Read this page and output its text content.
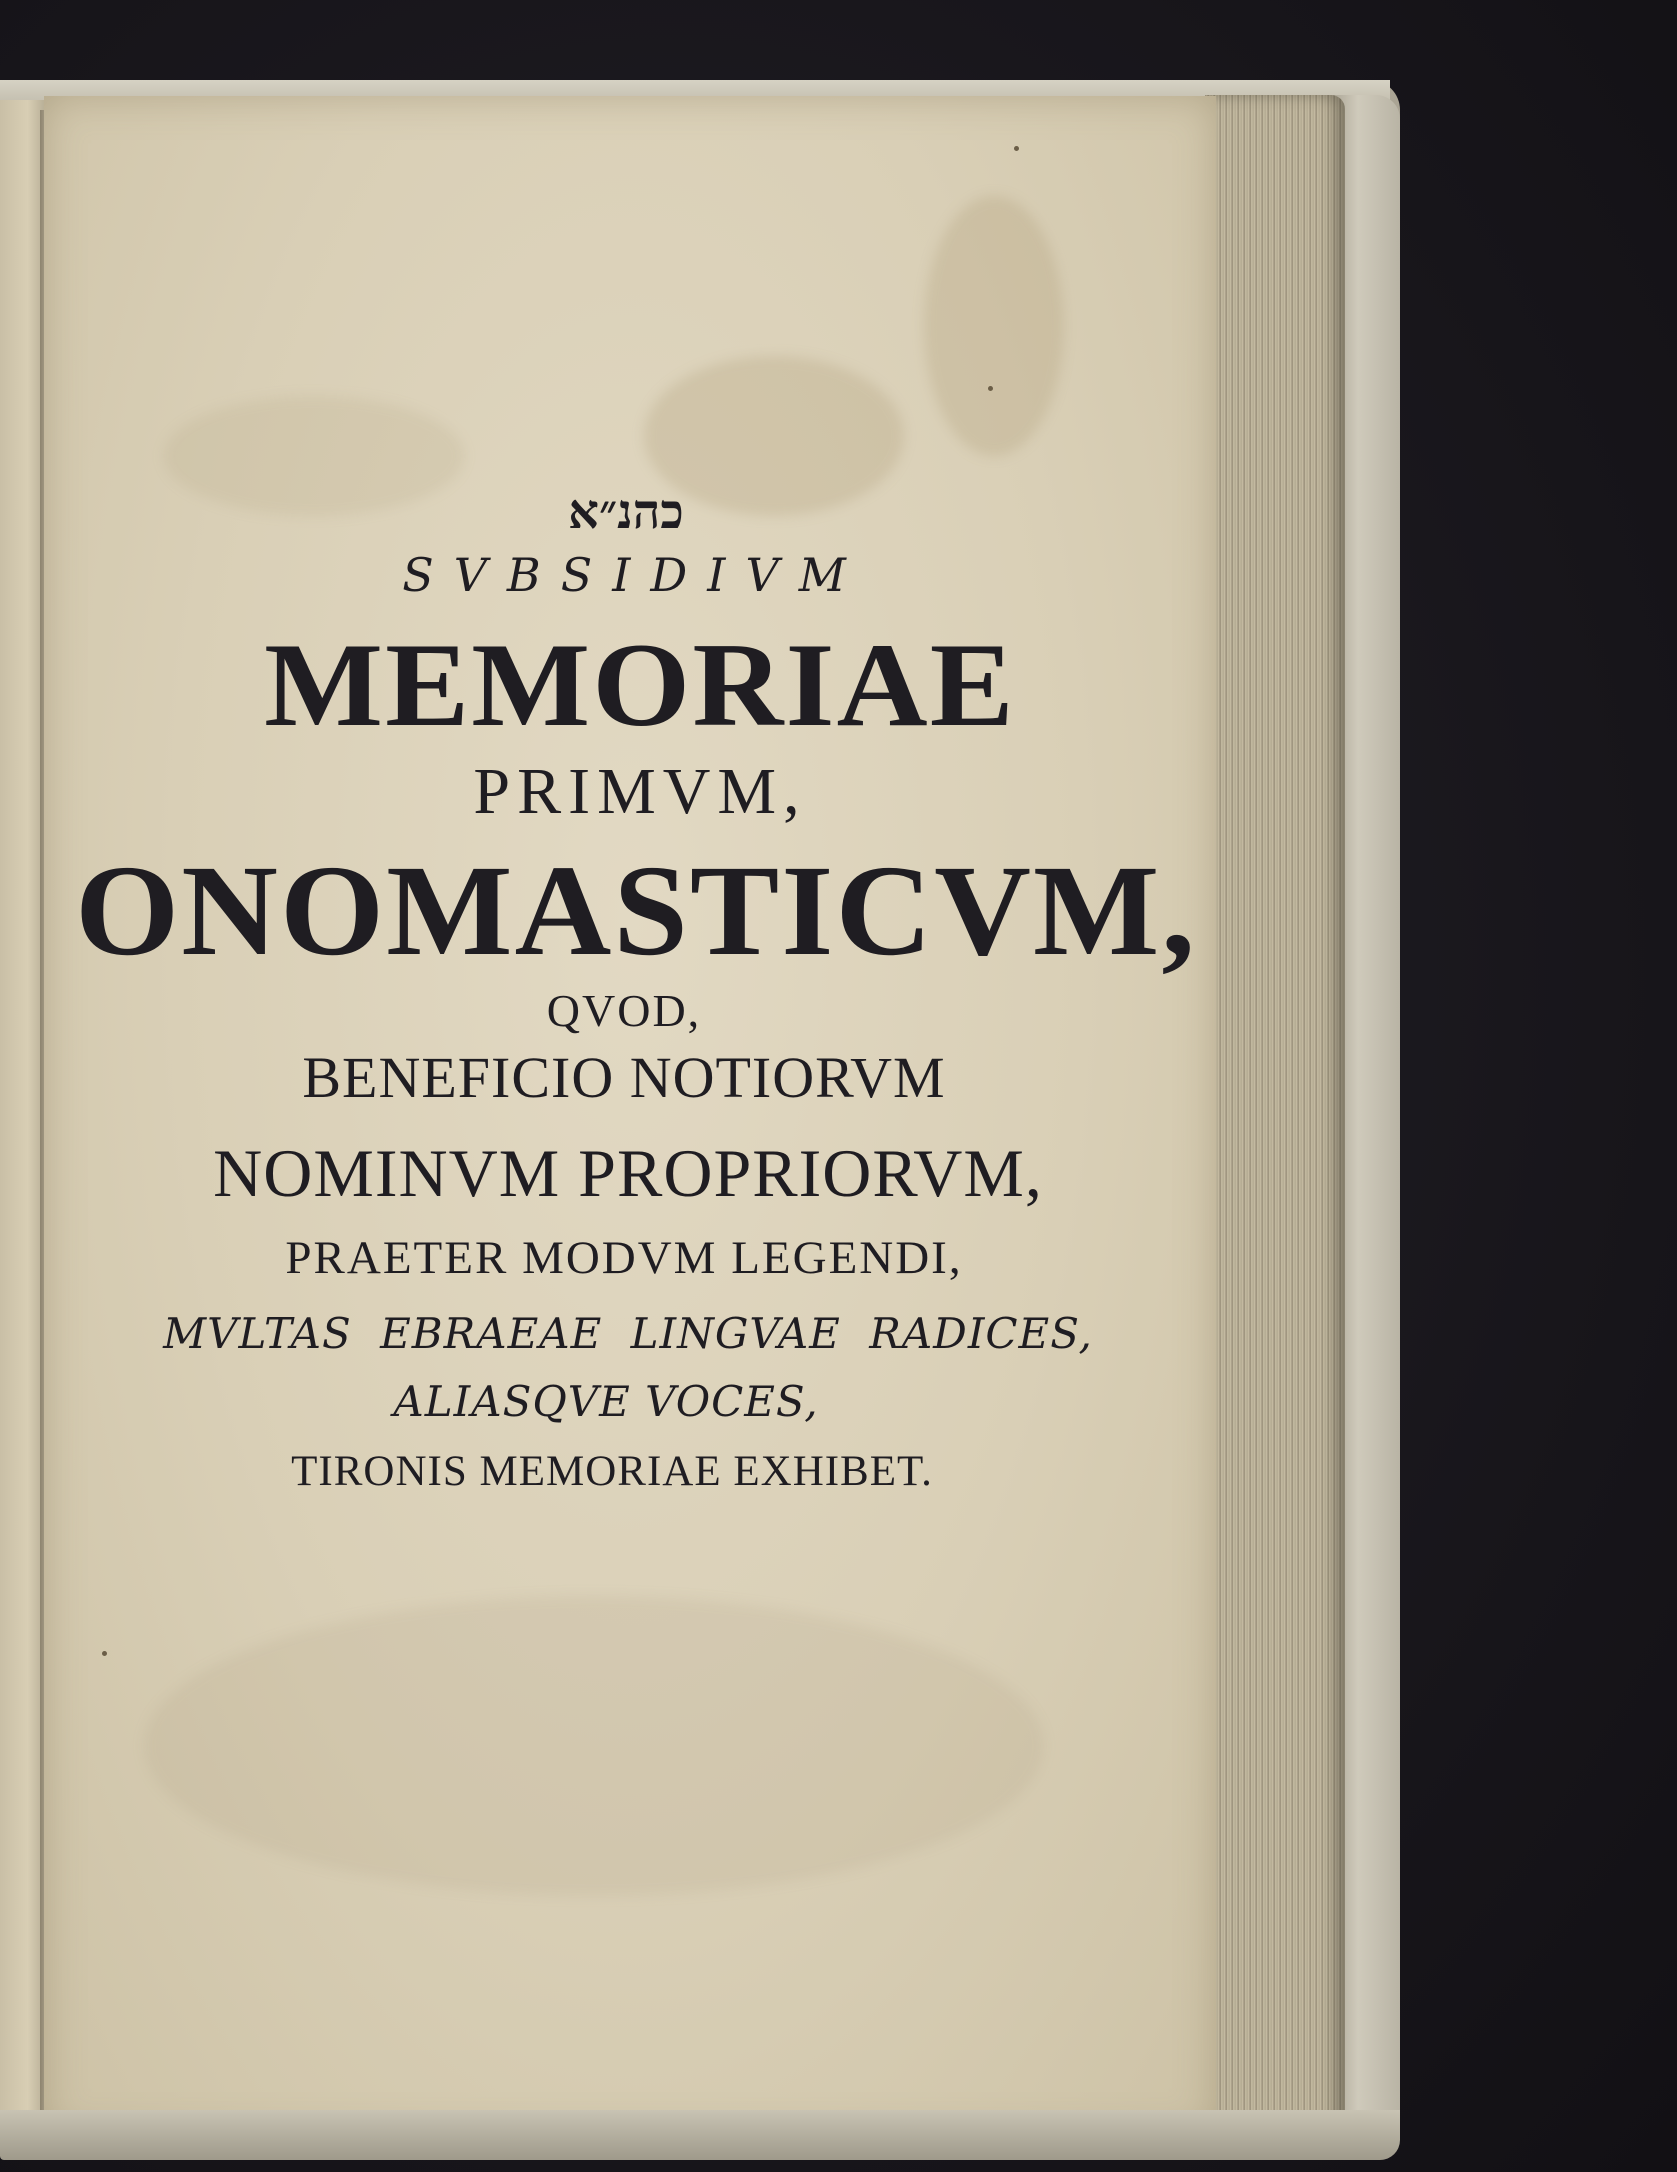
כהנ״א
SVBSIDIVM
MEMORIAE
PRIMVM,
ONOMASTICVM,
QVOD,
BENEFICIO NOTIORVM
NOMINVM PROPRIORVM,
PRAETER MODVM LEGENDI,
MVLTAS EBRAEAE LINGVAE RADICES,
ALIASQVE VOCES,
TIRONIS MEMORIAE EXHIBET.
